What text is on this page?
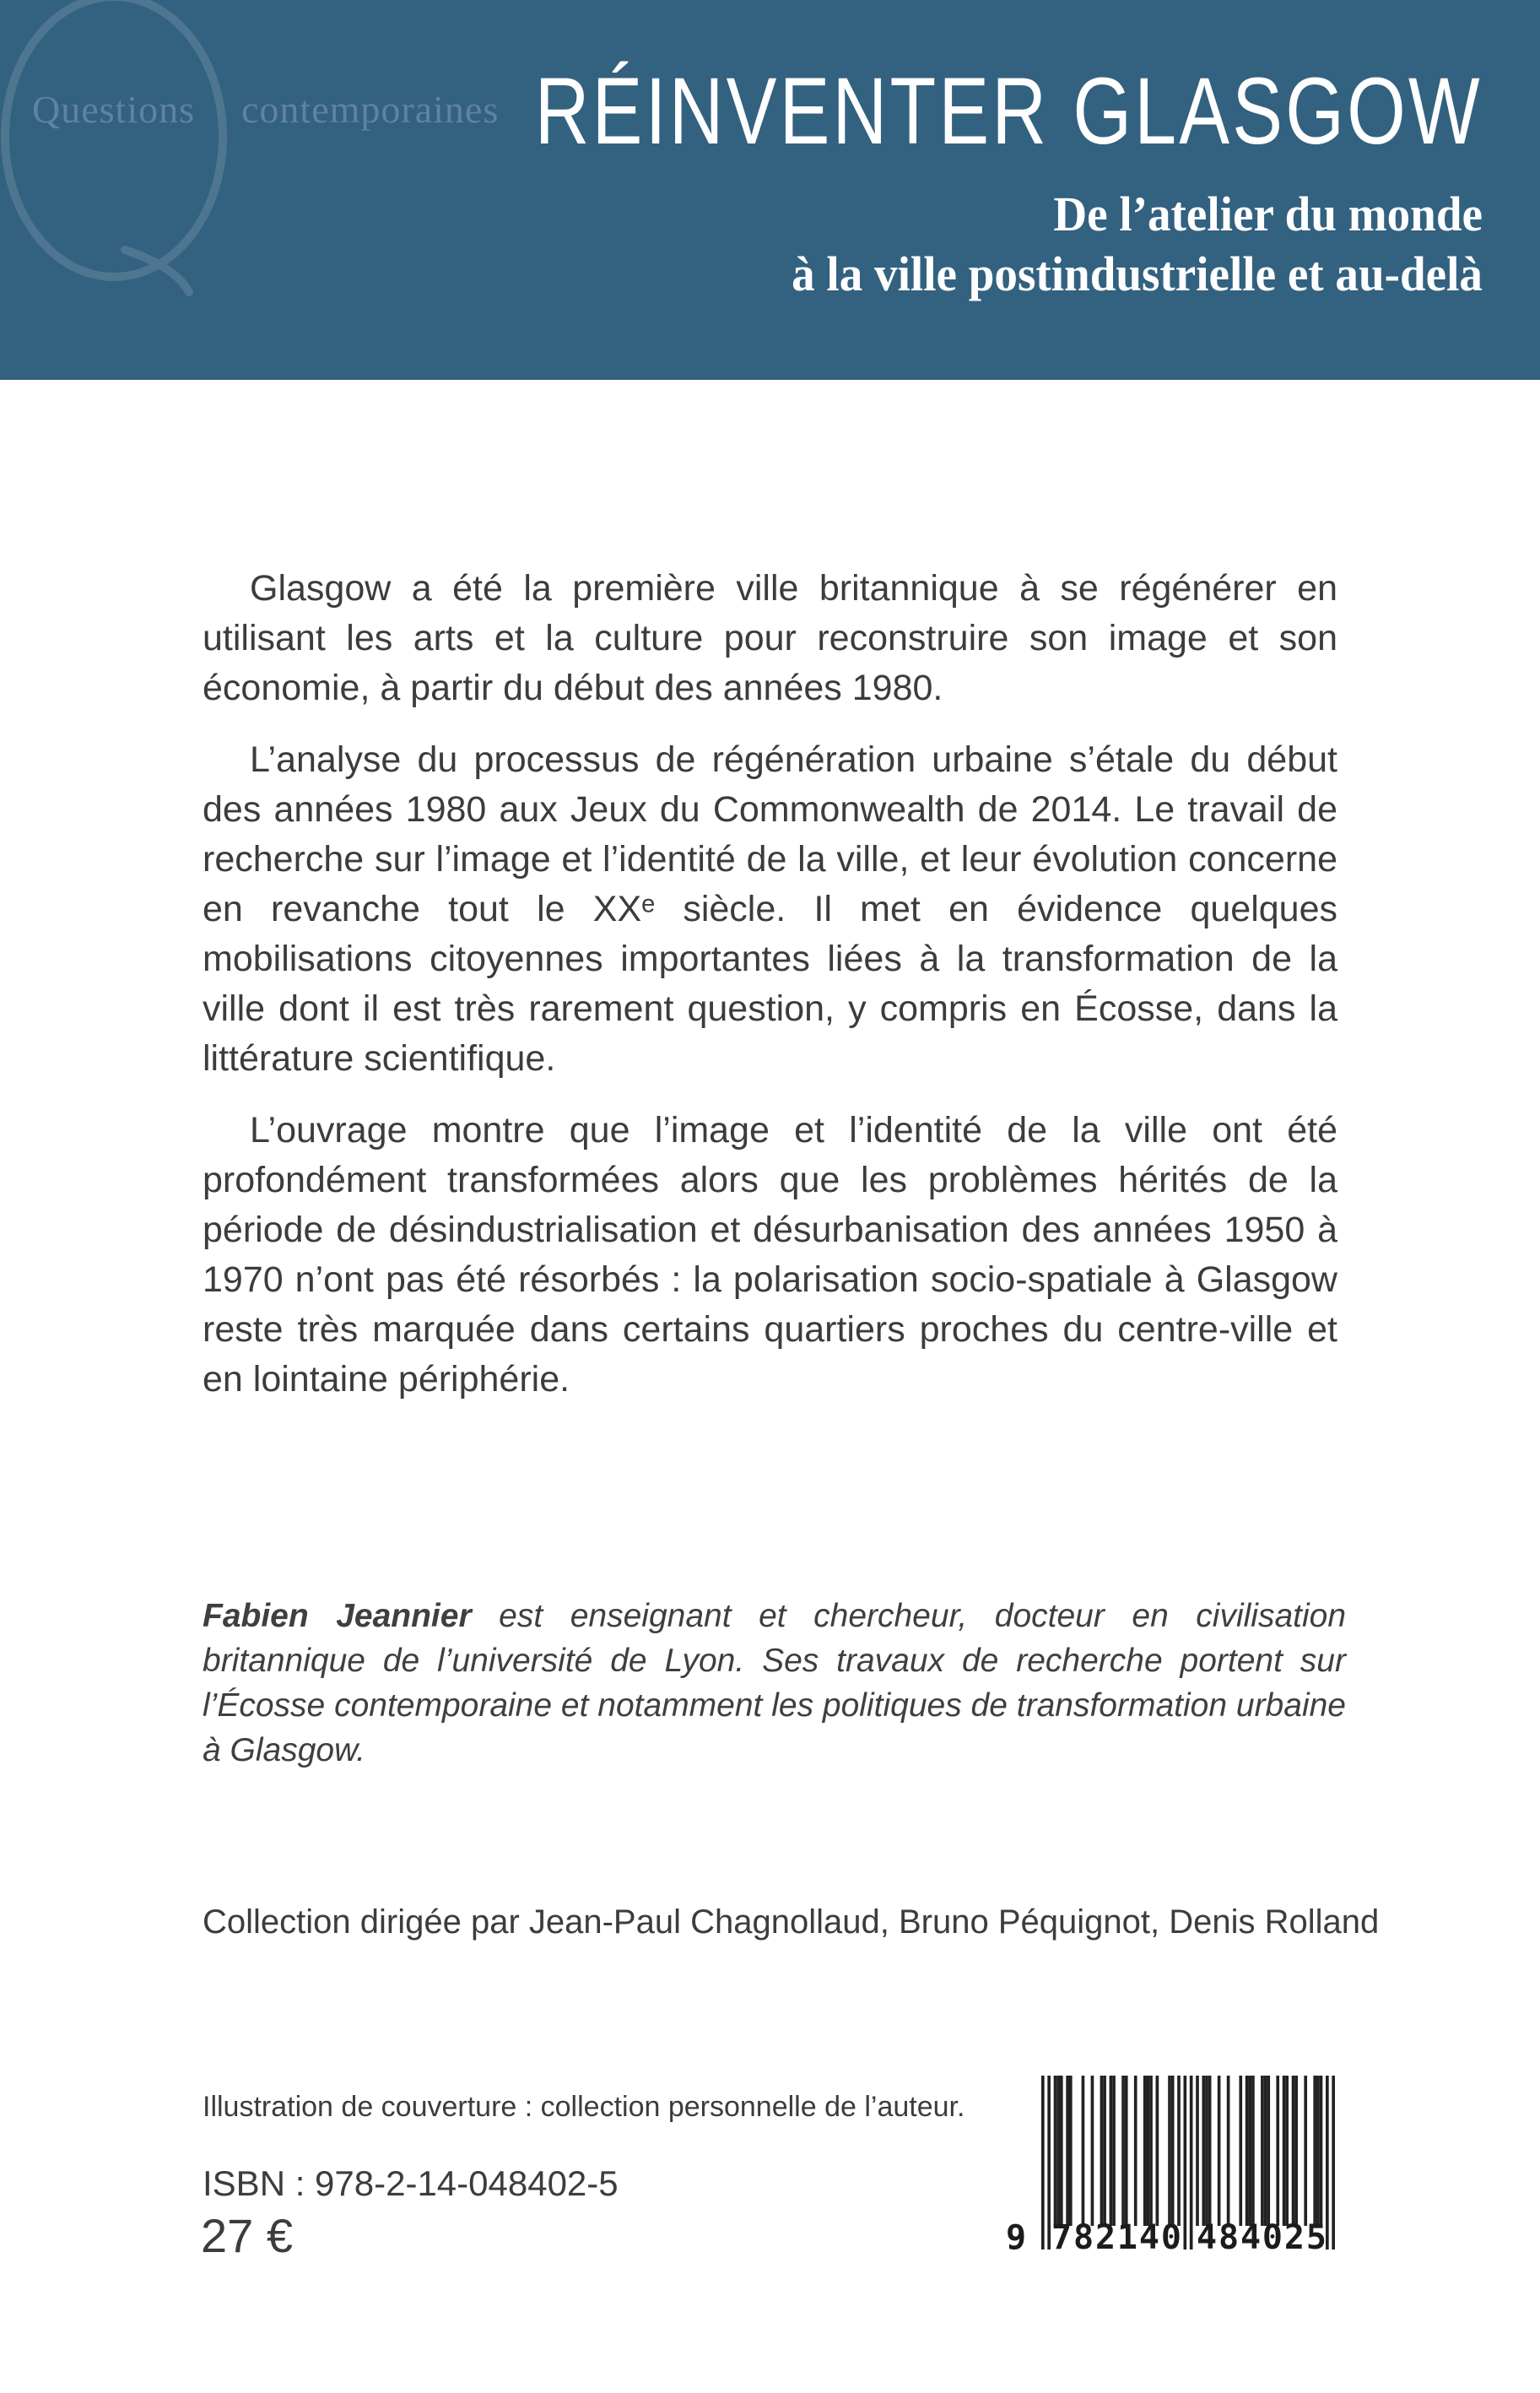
Questions contemporaines RÉINVENTER GLASGOW
De l’atelier du monde
à la ville postindustrielle et au-delà

Glasgow a été la première ville britannique à se régénérer en utilisant les arts et la culture pour reconstruire son image et son économie, à partir du début des années 1980.

L’analyse du processus de régénération urbaine s’étale du début des années 1980 aux Jeux du Commonwealth de 2014. Le travail de recherche sur l’image et l’identité de la ville, et leur évolution concerne en revanche tout le XXᵉ siècle. Il met en évidence quelques mobilisations citoyennes importantes liées à la transformation de la ville dont il est très rarement question, y compris en Écosse, dans la littérature scientifique.

L’ouvrage montre que l’image et l’identité de la ville ont été profondément transformées alors que les problèmes hérités de la période de désindustrialisation et désurbanisation des années 1950 à 1970 n’ont pas été résorbés : la polarisation socio-spatiale à Glasgow reste très marquée dans certains quartiers proches du centre-ville et en lointaine périphérie.

Fabien Jeannier est enseignant et chercheur, docteur en civilisation britannique de l’université de Lyon. Ses travaux de recherche portent sur l’Écosse contemporaine et notamment les politiques de transformation urbaine à Glasgow.
Collection dirigée par Jean-Paul Chagnollaud, Bruno Péquignot, Denis Rolland
Illustration de couverture : collection personnelle de l’auteur.
ISBN : 978-2-14-048402-5
27 €	9 7 8 2 1 4 0 4 8 4 0 2 5
